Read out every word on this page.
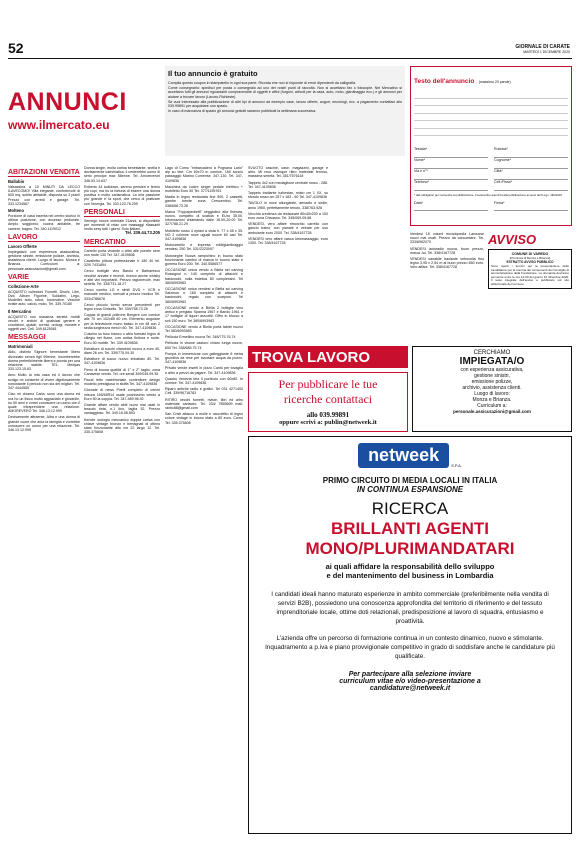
52	GIORNALE DI CARATE
MARTEDÌ 1 DICEMBRE 2020
ANNUNCI
www.ilmercato.eu
Il tuo annuncio è gratuito
Compila questo coupon in stampatello in ogni sua parte. Ricorda che non si risponde di errori dipendenti da calligrafia.
Come consegnarlo: spedisci per posta o consegnalo ad uno dei nostri punti di raccolta. Non si accettano fax o fotocopie. Nel Mercatino si accettano tutti gli annunci riguardanti compravendite di oggetti e affini (furgoni, articoli per la casa, auto, moto, giardinaggio ecc.) e gli annunci per aiutare a trovare lavoro (Lavoro-Richieste).
Se vuoi interessato alla pubblicazione di altri tipi di annunci ad esempio case, lavoro offerte, auguri, necrologi, ecc. a pagamento contattaci allo 039.99891 per acquistare uno spazio.
In caso di mancanza di spazio gli annunci gratuiti saranno pubblicati la settimana successiva.
Testo dell'annuncio (massimo 20 parole)
Testata*
Nome*
Via e n°*
Telefono*
Rubrica*
Cognome*
Città*
Cell./Fisso*
* dati obbligatori per consentire la pubblicazione. Il sottoscritto autorizza alla pubblicazione ai sensi del D.Lgs. 196/2003
Data*	Firma*
ABITAZIONI VENDITA
Ballabio
Valsassina a 10 MINUTI DA LECCO ILAVECOMO! Villa elegante, confortevole di 600 mq, subito abitabile, disposta su 3 piani! Prezzo con arredi e garage. Tel. 333.1234567
Molteno
Porzione di casa inserita nel centro storico in ottima posizione, con accesso pedonale. Ampio soggiorno, cucina abitabile, tre camere, bagno. Tel. 340.1119012
LAVORO
Lavoro Offerte
Impiegata/o con esperienza assicurativa, gestione sinistri, emissione polizze, archivio, assistenza clienti. Luogo di lavoro: Monza e Brianza. Curriculum a: personale.assicurazioni@gmail.com
VARIE
Collezione-Arte
ACQUISTO collezioni Fumetti, Dischi, Libri, Dvd, Album Figurine, Soldatini, Lego, Modellini auto, robot, locomotive. Vecchie riviste auto, calcio, moto. Tel. 339.70180
Il Mercatino
ACQUISTO con massima serietà mobili vecchi e antichi di qualsiasi genere e condizioni, quadri, cornici, orologi, monete e oggetti vari. Cell. 349.6125061
MESSAGGI
Matrimoniali
Aldo, distinto Signore benestante libero divorziato senza figli 59enne, incontrerebbe donna preferibilmente libera e pronta per una relazione stabile. TEL. Medyas 333.123.15.63
Amo Molto la mia casa ed il lavoro che svolgo mi consente di vivere dignitosamente nonostante il periodo non sia dei migliori. Tel. 347.4444555
Ciao mi chiamo Carla, sono una donna ed ora ho un fisico molto aggraziato e giovanile, ho 50 anni e vorrei conoscere un uomo con il quale intraprendere una relazione. AMOREVERO Tel. 346.13.12.999
Decisamente attraente, Alba e una donna di grande cuore che ama la famiglia e vorrebbe conoscere un uomo per una relazione. Tel. 346.13.12.999
Donna single, molto carina benestante, snella e decisamente carismatica, il cesterebbe uomo di serio principe max 58enne. Tel. Amoreverori 346.53.14.637
Roberto 44 lodidown, sereno pensieri e fermo più cupi, ma ho la fortuna di essere una donna positiva e molto carismatica. La mia passione piu' grande e' la sport, che cerco di praticare con l'energia. Tel. 333.123.76.259
PERSONALI
Semego nuove orientale 21anni, si disponibile per momenti di relax con massaggi rilassanti molto sexy tutti i giorni. Solo italiani.
Tel. 339.44.73.205
MERCATINO
Carrello porta vivande o altro alle ponete nere con ruote 130 Tel. 347-4109836
Cavalletto pittura professionale h 180 40 tel. 329/ 7431894
Cerco bottiglie vino Barolo e Barbaresco vecchie annate e recenti, ricerco anche whisky e altri vini importanti. Prezzo ragionevole, max serietà. Tel. 335/731.18.27
Cerco combo LG e simili DVD + VCR e manuale medico, mercati a prezzo modico Tel. 333/4786676
Cerco piccolo tornio senza precedenti per legno zona Cinisello. Tel. 339/758.73.28
Coppia di grandi poltrone Bergere con cornice alle 70 cm 102x85 60 cm. Elemento angolare per la televisione mono basso in cm 48 con 2 sedia lunghezza mesi h 60. Tel. 347-4109836
Cuscino su fuso bianco o altro formato legno di ciliegio nel fiume, con antica finitura e ruote. Euro 50 mobile. Tel. 339 4109836
Estrattore di succhi vitaminici nuovo a euro 40, diam 26 cm. Tel. 339/775.09.30
Estrattore di succo nuovo imballato 80. Tel. 347-4109836
Fieno di buona qualità' di 1° e 2° taglio, zona Canavese vendo. Tel. ore serali 390/045.09.35
Fiscal letto matrimoniale contenitore design modello prestigiosa in stoffa Tel. 347-4109836
Giornale di news Pirelli completo di cerchi misura 165/65R14 usate pochissimo vendo a Euro 50 la coppia. Tel. 347-489.96.92
Grande affare vendo abiti nuovi mai usati in tessuto tinta, n.1 lino, taglia 52. Prezzo vantaggioso. Tel. 349.16.06.893
Kenote orologio meccanico doppia carica con chiave vintage bronzo e bertagnati di ottimo stato funzionante alto cm 22 largo 12. Tel. 335.375808
Lago di Como "Imbarcadero a Pognana Lario" alp su tele. Cm 60x70 in cornice. 160 scricio passaggio Marino Comense. 347-130. Tel. 347-4109836
Macchina da cucire singer pedale elettrico + mobiletto Euro 50 Tel. 377/1195761
Madia in legno restaurata fine 500, 2 cassetti, gambe tornite zona Crescentino. Tel. 338/658.73.26
Marca "Foppapedretti" seggiolino alla finestra, nuovo, completo di scatola e EUro 35.00. Informazioni chiamando dalle 18.00-20.00 Tel. 327/788.21.29
Mobiletto rosso 4 ripiani a vista h. 77 x 48 x 35. NO 2 colonne noce uguali nuove 60 cad Tel. 347-4109836
Motocarrello e impresa edili/giardinaggio vendesi. 250 Tel. 031/2223097
Motoseghe Nuova rampichino in buono stato funzionante cambio di marcia in buono stato e gomma Euro 200. Tel. 340.5586577
OCCASIONE unica vendo a Biella sei carving Rossignol n. 140 completo di attacchi e bastoncini, nulla estetica 80 complessivi. Tel 380/6993983
OCCASIONE unica vendesi a Biella sci carving Salomon n. 160 completo di attacchi e bastoncini, regalo con scarponi. Tel 380/6993983
OCCASIONE vendo a Biella 2 bottiglie vino antico e pregiato Spanna 1967 e Barolo 1961 e 17 bottiglie di liquori assortiti. Offro in blocco a soli 150 euro. Tel 380/6993983
OCCASIONE vendo a Biella porta tablet nuovo Tel 380/6993983
Pelliccia Ermellino nuova Tel. 348/775.76.74
Pelliccia in visone castoro chiaro lunga nuove, 600 Tel. 338/685.75.74
Pompa in immersione con galleggiante 6 metra grundfos da rese per svuotare acqua da pozzo. 347-4109836
Privato vende inserti in pizzo Cantù per tovaglia o altro a prezzi da pagare. Tel. 347-4109836
Quadro Venezia tela il porticolo con 60x80. In cornice. Tel. 347-4109836
Riparo antiche radio e grafici. Tel 031 4271400 Cell. 339/96716783
RITIRO vecchi fumetti, riviste, libri ed altro materiale cartaceo. Tel. 334/ 7855699 mail: rantic88@gmail.com
San Cristi attacco a molle e raccofetto di legno colore vintage in buono stato a 80 euro. Como Tel. 335.375808
SVUOTO cascine, case, magazzini, garage e altro. Mi reco ovunque ritiro materiale ferroso, massima serietà. Tel. 351/7576118
Tappeto 3x2 con medaglione centrale rosso - 288. Tel. 347-4109836
Tappeto tradiante turkestan, misto cm 1 XX, su sfondo rosso cm 257 x 183 - 60 Tel. 347-4109836
TAVOLO in noce allungabile, armadio e sedie, anno 1960, perfettamente tenuto. 338/763.926
Vecchia credenza da restaurare 80x40x200 a 100 euro zona Chivasso. Tel. 345/069.09.68
VENDESI, vero affare rimorchio carrello con gancio traino, con pianale e vetrate per uso ambulante euro 2000. Tel. 338/4167728
VENDESI vero affare vasca idromassaggio, euro 1300. Tel. 338/4167728
Vendesi 15 volumi enciclopedia Larousse nuovi mai usati. Prezzo da concordare. Tel. 333/6962070
VENDESI autoradio nuova, buon prezzo, marca Jul. Tel. 338/4167728
VENDESI sanabile baciante vetrocella fino legno 3,95 x 2,54 m al buon prezzo 650 euro. Vero affare. Tel. 338/4167728
AVVISO
COMUNE DI VAREDO
(Provincia di Monza e Brianza)
ESTRATTO AVVISO PUBBLICO
Sono aperti i termini per la presentazione delle candidature per la nomina dei componenti del Consiglio di amministrazione della Fondazione. Le domande dovranno pervenire entro le ore 12.00 del giorno 10 dicembre 2020. Il testo integrale dell'avviso è pubblicato sul sito istituzionale del Comune.
TROVA LAVORO
Per pubblicare le tue
ricerche contattaci
allo 039.99891
oppure scrivi a: publin@netweek.it
CERCHIAMO
IMPIEGATA/O
con esperienza assicurativa,
gestione sinistri,
emissione polizze,
archivio, assistenza clienti.
Luogo di lavoro:
Monza e Brianza.
Curriculum a:
personale.assicurazioni@gmail.com
netweek
S.P.A.
PRIMO CIRCUITO DI MEDIA LOCALI IN ITALIA
IN CONTINUA ESPANSIONE
RICERCA
BRILLANTI AGENTI
MONO/PLURIMANDATARI
ai quali affidare la responsabilità dello sviluppo
e del mantenimento del business in Lombardia
I candidati ideali hanno maturato esperienze in ambito commerciale (preferibilmente nella vendita di servizi B2B), possiedono una conoscenza approfondita del territorio di riferimento e del tessuto imprenditoriale locale, ottime doti relazionali, predisposizione al lavoro di squadra, entusiasmo e proattività.
L'azienda offre un percorso di formazione continua in un contesto dinamico, nuovo e stimolante. Inquadramento a p.iva e piano provvigionale competitivo in grado di soddisfare anche le candidature più qualificate.
Per partecipare alla selezione inviare
curriculum vitae e/o video-presentazione a
candidature@netweek.it
